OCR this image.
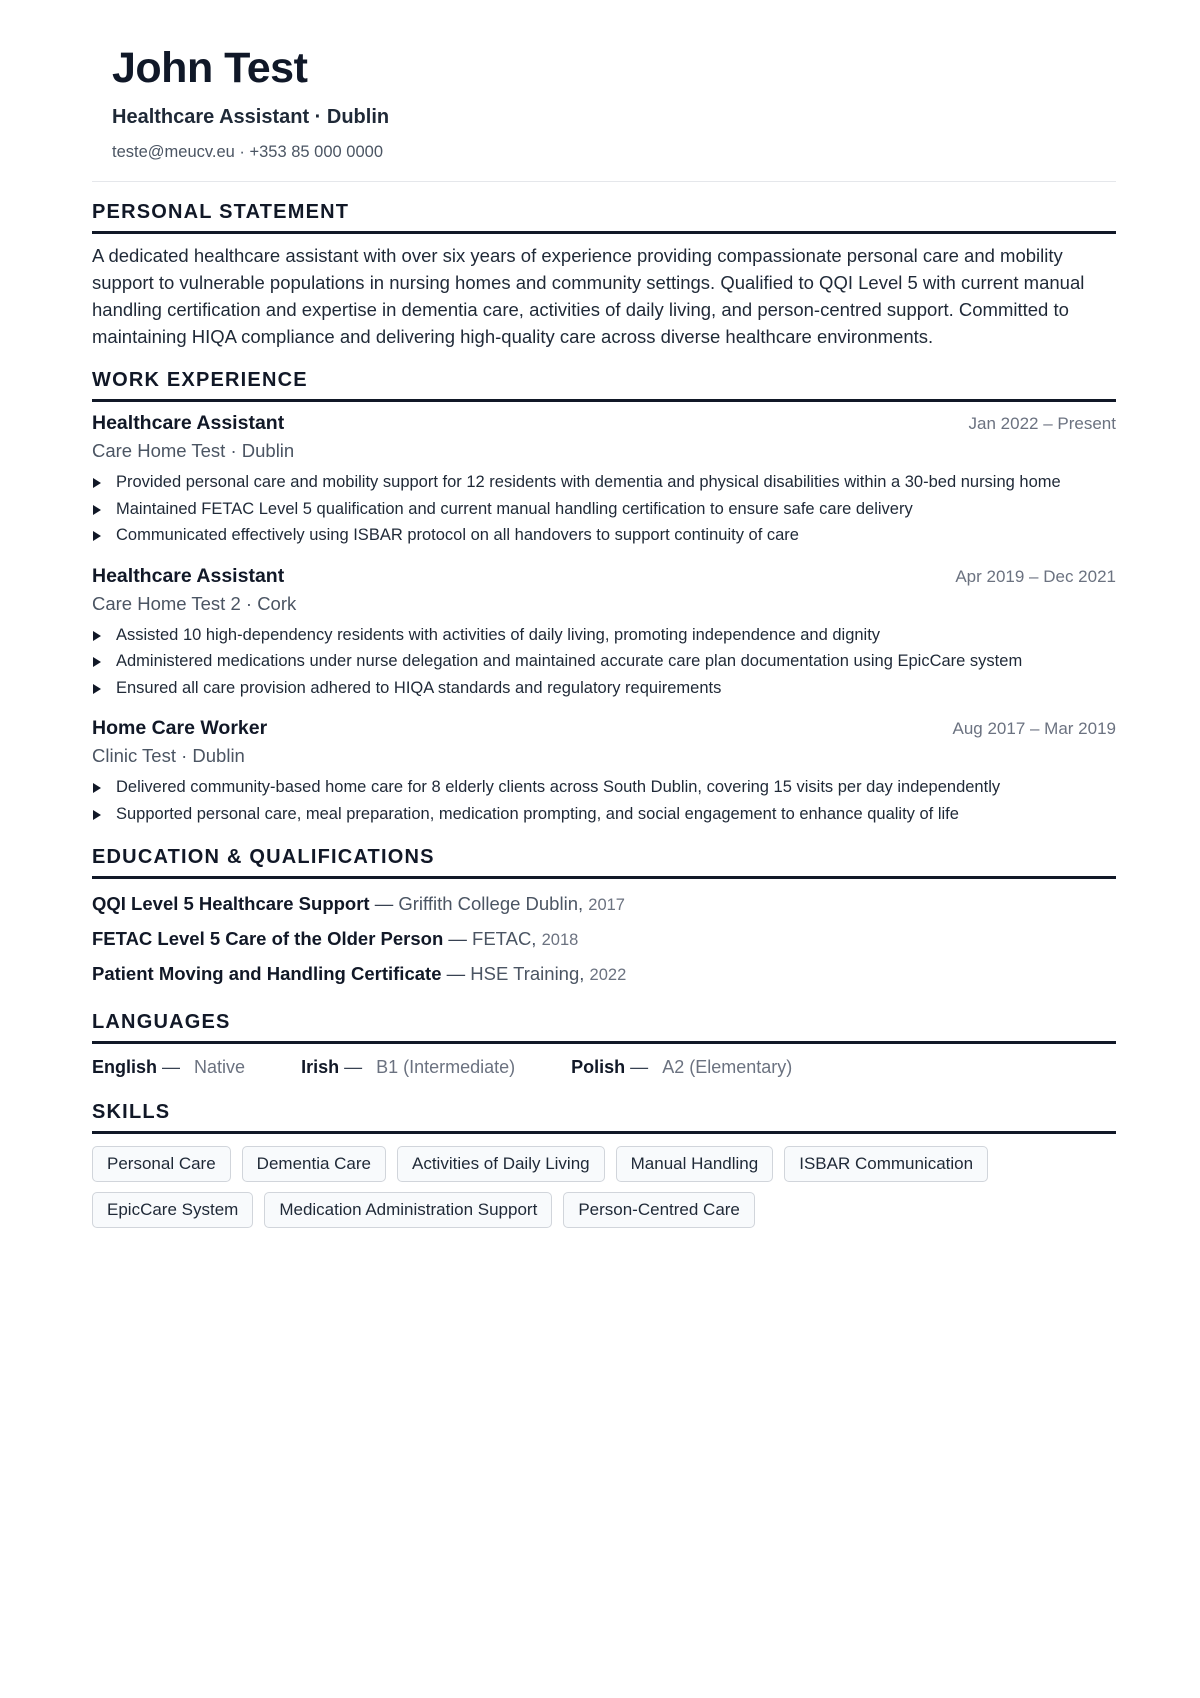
John Test
Healthcare Assistant · Dublin
teste@meucv.eu · +353 85 000 0000
PERSONAL STATEMENT

A dedicated healthcare assistant with over six years of experience providing compassionate personal care and mobility support to vulnerable populations in nursing homes and community settings. Qualified to QQI Level 5 with current manual handling certification and expertise in dementia care, activities of daily living, and person-centred support. Committed to maintaining HIQA compliance and delivering high-quality care across diverse healthcare environments.

WORK EXPERIENCE
Healthcare Assistant	Jan 2022 – Present
Care Home Test · Dublin
Provided personal care and mobility support for 12 residents with dementia and physical disabilities within a 30-bed nursing home
Maintained FETAC Level 5 qualification and current manual handling certification to ensure safe care delivery
Communicated effectively using ISBAR protocol on all handovers to support continuity of care
Healthcare Assistant	Apr 2019 – Dec 2021
Care Home Test 2 · Cork
Assisted 10 high-dependency residents with activities of daily living, promoting independence and dignity
Administered medications under nurse delegation and maintained accurate care plan documentation using EpicCare system
Ensured all care provision adhered to HIQA standards and regulatory requirements
Home Care Worker	Aug 2017 – Mar 2019
Clinic Test · Dublin
Delivered community-based home care for 8 elderly clients across South Dublin, covering 15 visits per day independently
Supported personal care, meal preparation, medication prompting, and social engagement to enhance quality of life
EDUCATION & QUALIFICATIONS
QQI Level 5 Healthcare Support — Griffith College Dublin, 2017
FETAC Level 5 Care of the Older Person — FETAC, 2018
Patient Moving and Handling Certificate — HSE Training, 2022
LANGUAGES
English — Native	Irish — B1 (Intermediate)	Polish — A2 (Elementary)
SKILLS
Personal Care	Dementia Care	Activities of Daily Living	Manual Handling	ISBAR Communication
EpicCare System	Medication Administration Support	Person-Centred Care
